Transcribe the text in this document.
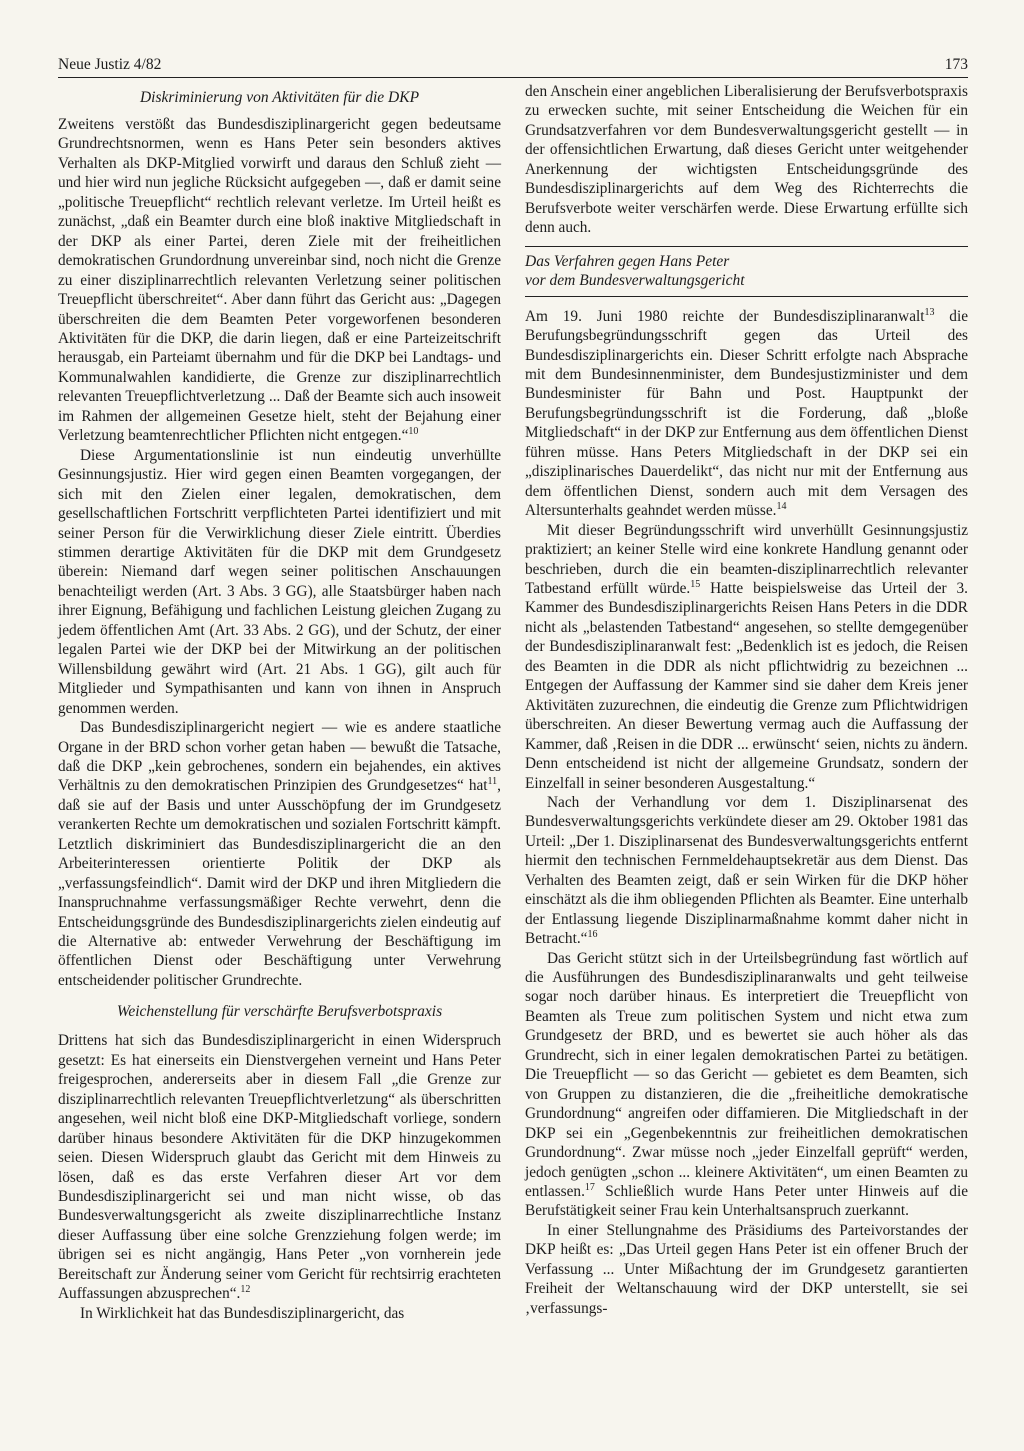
Neue Justiz 4/82	173
Diskriminierung von Aktivitäten für die DKP

Zweitens verstößt das Bundesdisziplinargericht gegen bedeutsame Grundrechtsnormen, wenn es Hans Peter sein besonders aktives Verhalten als DKP-Mitglied vorwirft und daraus den Schluß zieht — und hier wird nun jegliche Rücksicht aufgegeben —, daß er damit seine „politische Treuepflicht“ rechtlich relevant verletze. Im Urteil heißt es zunächst, „daß ein Beamter durch eine bloß inaktive Mitgliedschaft in der DKP als einer Partei, deren Ziele mit der freiheitlichen demokratischen Grundordnung unvereinbar sind, noch nicht die Grenze zu einer disziplinarrechtlich relevanten Verletzung seiner politischen Treuepflicht überschreitet“. Aber dann führt das Gericht aus: „Dagegen überschreiten die dem Beamten Peter vorgeworfenen besonderen Aktivitäten für die DKP, die darin liegen, daß er eine Parteizeitschrift herausgab, ein Parteiamt übernahm und für die DKP bei Landtags- und Kommunalwahlen kandidierte, die Grenze zur disziplinarrechtlich relevanten Treuepflichtverletzung ... Daß der Beamte sich auch insoweit im Rahmen der allgemeinen Gesetze hielt, steht der Bejahung einer Verletzung beamtenrechtlicher Pflichten nicht entgegen.“$^{10}$

Diese Argumentationslinie ist nun eindeutig unverhüllte Gesinnungsjustiz. Hier wird gegen einen Beamten vorgegangen, der sich mit den Zielen einer legalen, demokratischen, dem gesellschaftlichen Fortschritt verpflichteten Partei identifiziert und mit seiner Person für die Verwirklichung dieser Ziele eintritt. Überdies stimmen derartige Aktivitäten für die DKP mit dem Grundgesetz überein: Niemand darf wegen seiner politischen Anschauungen benachteiligt werden (Art. 3 Abs. 3 GG), alle Staatsbürger haben nach ihrer Eignung, Befähigung und fachlichen Leistung gleichen Zugang zu jedem öffentlichen Amt (Art. 33 Abs. 2 GG), und der Schutz, der einer legalen Partei wie der DKP bei der Mitwirkung an der politischen Willensbildung gewährt wird (Art. 21 Abs. 1 GG), gilt auch für Mitglieder und Sympathisanten und kann von ihnen in Anspruch genommen werden.

Das Bundesdisziplinargericht negiert — wie es andere staatliche Organe in der BRD schon vorher getan haben — bewußt die Tatsache, daß die DKP „kein gebrochenes, sondern ein bejahendes, ein aktives Verhältnis zu den demokratischen Prinzipien des Grundgesetzes“ hat$^{11}$, daß sie auf der Basis und unter Ausschöpfung der im Grundgesetz verankerten Rechte um demokratischen und sozialen Fortschritt kämpft. Letztlich diskriminiert das Bundesdisziplinargericht die an den Arbeiterinteressen orientierte Politik der DKP als „verfassungsfeindlich“. Damit wird der DKP und ihren Mitgliedern die Inanspruchnahme verfassungsmäßiger Rechte verwehrt, denn die Entscheidungsgründe des Bundesdisziplinargerichts zielen eindeutig auf die Alternative ab: entweder Verwehrung der Beschäftigung im öffentlichen Dienst oder Beschäftigung unter Verwehrung entscheidender politischer Grundrechte.

Weichenstellung für verschärfte Berufsverbotspraxis

Drittens hat sich das Bundesdisziplinargericht in einen Widerspruch gesetzt: Es hat einerseits ein Dienstvergehen verneint und Hans Peter freigesprochen, andererseits aber in diesem Fall „die Grenze zur disziplinarrechtlich relevanten Treuepflichtverletzung“ als überschritten angesehen, weil nicht bloß eine DKP-Mitgliedschaft vorliege, sondern darüber hinaus besondere Aktivitäten für die DKP hinzugekommen seien. Diesen Widerspruch glaubt das Gericht mit dem Hinweis zu lösen, daß es das erste Verfahren dieser Art vor dem Bundesdisziplinargericht sei und man nicht wisse, ob das Bundesverwaltungsgericht als zweite disziplinarrechtliche Instanz dieser Auffassung über eine solche Grenzziehung folgen werde; im übrigen sei es nicht angängig, Hans Peter „von vornherein jede Bereitschaft zur Änderung seiner vom Gericht für rechtsirrig erachteten Auffassungen abzusprechen“.$^{12}$

In Wirklichkeit hat das Bundesdisziplinargericht, das

den Anschein einer angeblichen Liberalisierung der Berufsverbotspraxis zu erwecken suchte, mit seiner Entscheidung die Weichen für ein Grundsatzverfahren vor dem Bundesverwaltungsgericht gestellt — in der offensichtlichen Erwartung, daß dieses Gericht unter weitgehender Anerkennung der wichtigsten Entscheidungsgründe des Bundesdisziplinargerichts auf dem Weg des Richterrechts die Berufsverbote weiter verschärfen werde. Diese Erwartung erfüllte sich denn auch.

Das Verfahren gegen Hans Peter
vor dem Bundesverwaltungsgericht

Am 19. Juni 1980 reichte der Bundesdisziplinaranwalt$^{13}$ die Berufungsbegründungsschrift gegen das Urteil des Bundesdisziplinargerichts ein. Dieser Schritt erfolgte nach Absprache mit dem Bundesinnenminister, dem Bundesjustizminister und dem Bundesminister für Bahn und Post. Hauptpunkt der Berufungsbegründungsschrift ist die Forderung, daß „bloße Mitgliedschaft“ in der DKP zur Entfernung aus dem öffentlichen Dienst führen müsse. Hans Peters Mitgliedschaft in der DKP sei ein „disziplinarisches Dauerdelikt“, das nicht nur mit der Entfernung aus dem öffentlichen Dienst, sondern auch mit dem Versagen des Altersunterhalts geahndet werden müsse.$^{14}$

Mit dieser Begründungsschrift wird unverhüllt Gesinnungsjustiz praktiziert; an keiner Stelle wird eine konkrete Handlung genannt oder beschrieben, durch die ein beamten-disziplinarrechtlich relevanter Tatbestand erfüllt würde.$^{15}$ Hatte beispielsweise das Urteil der 3. Kammer des Bundesdisziplinargerichts Reisen Hans Peters in die DDR nicht als „belastenden Tatbestand“ angesehen, so stellte demgegenüber der Bundesdisziplinaranwalt fest: „Bedenklich ist es jedoch, die Reisen des Beamten in die DDR als nicht pflichtwidrig zu bezeichnen ... Entgegen der Auffassung der Kammer sind sie daher dem Kreis jener Aktivitäten zuzurechnen, die eindeutig die Grenze zum Pflichtwidrigen überschreiten. An dieser Bewertung vermag auch die Auffassung der Kammer, daß ‚Reisen in die DDR ... erwünscht‘ seien, nichts zu ändern. Denn entscheidend ist nicht der allgemeine Grundsatz, sondern der Einzelfall in seiner besonderen Ausgestaltung.“

Nach der Verhandlung vor dem 1. Disziplinarsenat des Bundesverwaltungsgerichts verkündete dieser am 29. Oktober 1981 das Urteil: „Der 1. Disziplinarsenat des Bundesverwaltungsgerichts entfernt hiermit den technischen Fernmeldehauptsekretär aus dem Dienst. Das Verhalten des Beamten zeigt, daß er sein Wirken für die DKP höher einschätzt als die ihm obliegenden Pflichten als Beamter. Eine unterhalb der Entlassung liegende Disziplinarmaßnahme kommt daher nicht in Betracht.“$^{16}$

Das Gericht stützt sich in der Urteilsbegründung fast wörtlich auf die Ausführungen des Bundesdisziplinaranwalts und geht teilweise sogar noch darüber hinaus. Es interpretiert die Treuepflicht von Beamten als Treue zum politischen System und nicht etwa zum Grundgesetz der BRD, und es bewertet sie auch höher als das Grundrecht, sich in einer legalen demokratischen Partei zu betätigen. Die Treuepflicht — so das Gericht — gebietet es dem Beamten, sich von Gruppen zu distanzieren, die die „freiheitliche demokratische Grundordnung“ angreifen oder diffamieren. Die Mitgliedschaft in der DKP sei ein „Gegenbekenntnis zur freiheitlichen demokratischen Grundordnung“. Zwar müsse noch „jeder Einzelfall geprüft“ werden, jedoch genügten „schon ... kleinere Aktivitäten“, um einen Beamten zu entlassen.$^{17}$ Schließlich wurde Hans Peter unter Hinweis auf die Berufstätigkeit seiner Frau kein Unterhaltsanspruch zuerkannt.

In einer Stellungnahme des Präsidiums des Parteivorstandes der DKP heißt es: „Das Urteil gegen Hans Peter ist ein offener Bruch der Verfassung ... Unter Mißachtung der im Grundgesetz garantierten Freiheit der Weltanschauung wird der DKP unterstellt, sie sei ‚verfassungs-
